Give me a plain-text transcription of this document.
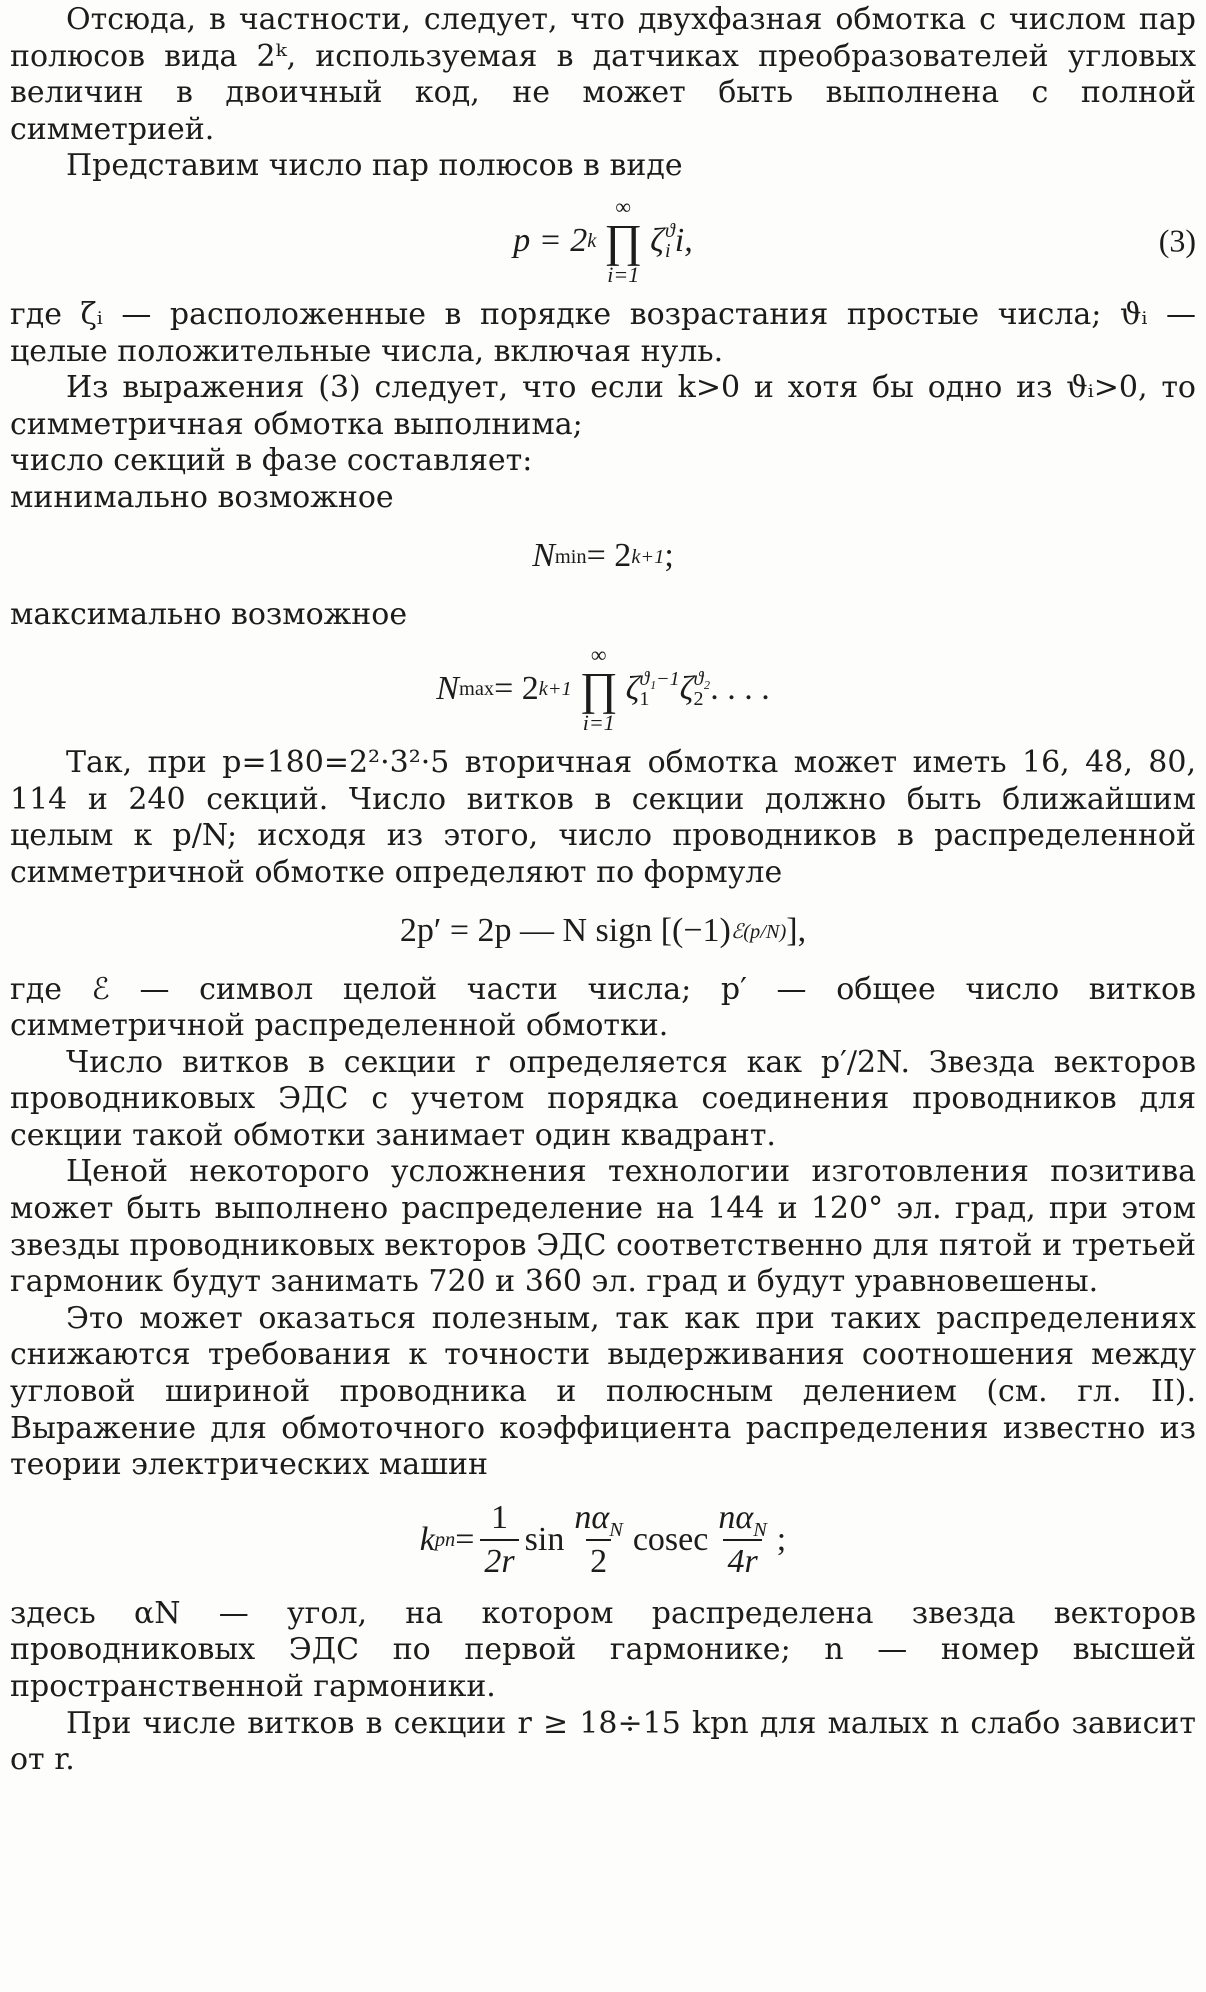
Отсюда, в частности, следует, что двухфазная обмотка с числом пар полюсов вида 2ᵏ, используемая в датчиках преобразователей угловых величин в двоичный код, не может быть выполнена с полной симметрией.

Представим число пар полюсов в виде

p = 2 k
∞
∏
i=1
ζ ϑ
i i,	(3)

где ζᵢ — расположенные в порядке возрастания простые числа; ϑᵢ — целые положительные числа, включая нуль.

Из выражения (3) следует, что если k>0 и хотя бы одно из ϑᵢ>0, то симметричная обмотка выполнима;

число секций в фазе составляет:

минимально возможное

N min = 2 k+1 ;

максимально возможное

N max = 2 k+1
∞
∏
i=1
ζ ϑ₁−1
1 ζ ϑ₂
2 . . . .

Так, при p=180=2²·3²·5 вторичная обмотка может иметь 16, 48, 80, 114 и 240 секций. Число витков в секции должно быть ближайшим целым к p/N; исходя из этого, число проводников в распределенной симметричной обмотке определяют по формуле

2p′ = 2p — N sign [(−1) ℰ(p/N) ],

где ℰ — символ целой части числа; p′ — общее число витков симметричной распределенной обмотки.

Число витков в секции r определяется как p′/2N. Звезда векторов проводниковых ЭДС с учетом порядка соединения проводников для секции такой обмотки занимает один квадрант.

Ценой некоторого усложнения технологии изготовления позитива может быть выполнено распределение на 144 и 120° эл. град, при этом звезды проводниковых векторов ЭДС соответственно для пятой и третьей гармоник будут занимать 720 и 360 эл. град и будут уравновешены.

Это может оказаться полезным, так как при таких распределениях снижаются требования к точности выдерживания соотношения между угловой шириной проводника и полюсным делением (см. гл. II). Выражение для обмоточного коэффициента распределения известно из теории электрических машин

k pn = $\frac{1}{2r}$ $\sin \frac{n\alpha_N}{2}$ cosec $\frac{n\alpha_N}{4r}$ ;

здесь αN — угол, на котором распределена звезда векторов проводниковых ЭДС по первой гармонике; n — номер высшей пространственной гармоники.

При числе витков в секции r ≥ 18÷15 kpn для малых n слабо зависит от r.
